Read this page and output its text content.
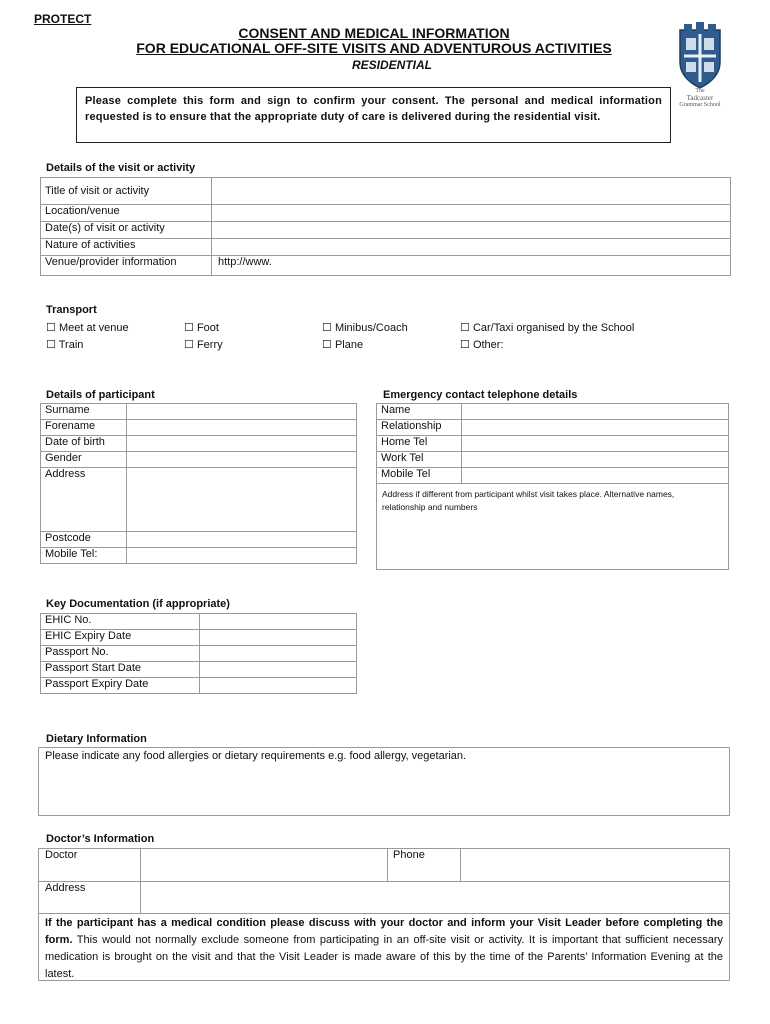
PROTECT
CONSENT AND MEDICAL INFORMATION
FOR EDUCATIONAL OFF-SITE VISITS AND ADVENTUROUS ACTIVITIES
RESIDENTIAL
The
Tadcaster
Grammar School
Please complete this form and sign to confirm your consent. The personal and medical information requested is to ensure that the appropriate duty of care is delivered during the residential visit.
Details of the visit or activity
Title of visit or activity	
Location/venue	
Date(s) of visit or activity	
Nature of activities	
Venue/provider information	http://www.
Transport
☐ Meet at venue	☐ Foot	☐ Minibus/Coach	☐ Car/Taxi organised by the School
☐ Train	☐ Ferry	☐ Plane	☐ Other:
Details of participant
Surname	
Forename	
Date of birth	
Gender	
Address	
Postcode	
Mobile Tel:	
Emergency contact telephone details
Name	
Relationship	
Home Tel	
Work Tel	
Mobile Tel	
Address if different from participant whilst visit takes place. Alternative names, relationship and numbers
Key Documentation (if appropriate)
EHIC No.	
EHIC Expiry Date	
Passport No.	
Passport Start Date	
Passport Expiry Date	
Dietary Information
Please indicate any food allergies or dietary requirements e.g. food allergy, vegetarian.
Doctor’s Information
Doctor		Phone	
Address			
If the participant has a medical condition please discuss with your doctor and inform your Visit Leader before completing the form. This would not normally exclude someone from participating in an off-site visit or activity. It is important that sufficient necessary medication is brought on the visit and that the Visit Leader is made aware of this by the time of the Parents’ Information Evening at the latest.
